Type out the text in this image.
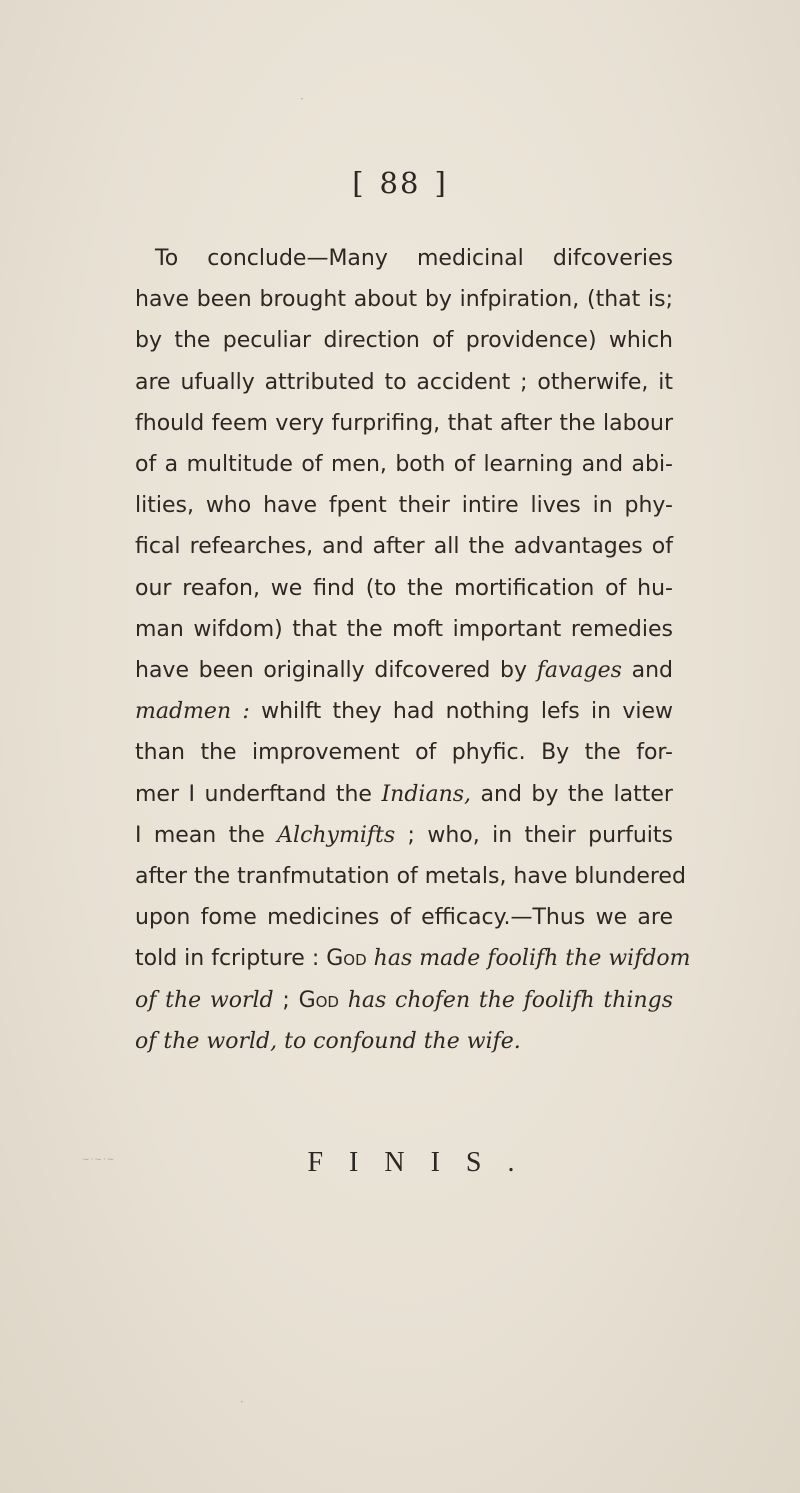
[ 88 ]
To conclude—Many medicinal difcoveries
have been brought about by infpiration, (that is;
by the peculiar direction of providence) which
are ufually attributed to accident ; otherwife, it
fhould feem very furprifing, that after the labour
of a multitude of men, both of learning and abi-
lities, who have fpent their intire lives in phy-
fical refearches, and after all the advantages of
our reafon, we find (to the mortification of hu-
man wifdom) that the moft important remedies
have been originally difcovered by favages and
madmen : whilft they had nothing lefs in view
than the improvement of phyfic. By the for-
mer I underftand the Indians, and by the latter
I mean the Alchymifts ; who, in their purfuits
after the tranfmutation of metals, have blundered
upon fome medicines of efficacy.—Thus we are
told in fcripture : God has made foolifh the wifdom
of the world ; God has chofen the foolifh things
of the world, to confound the wife.
FINIS.
·
~·~·~
·
